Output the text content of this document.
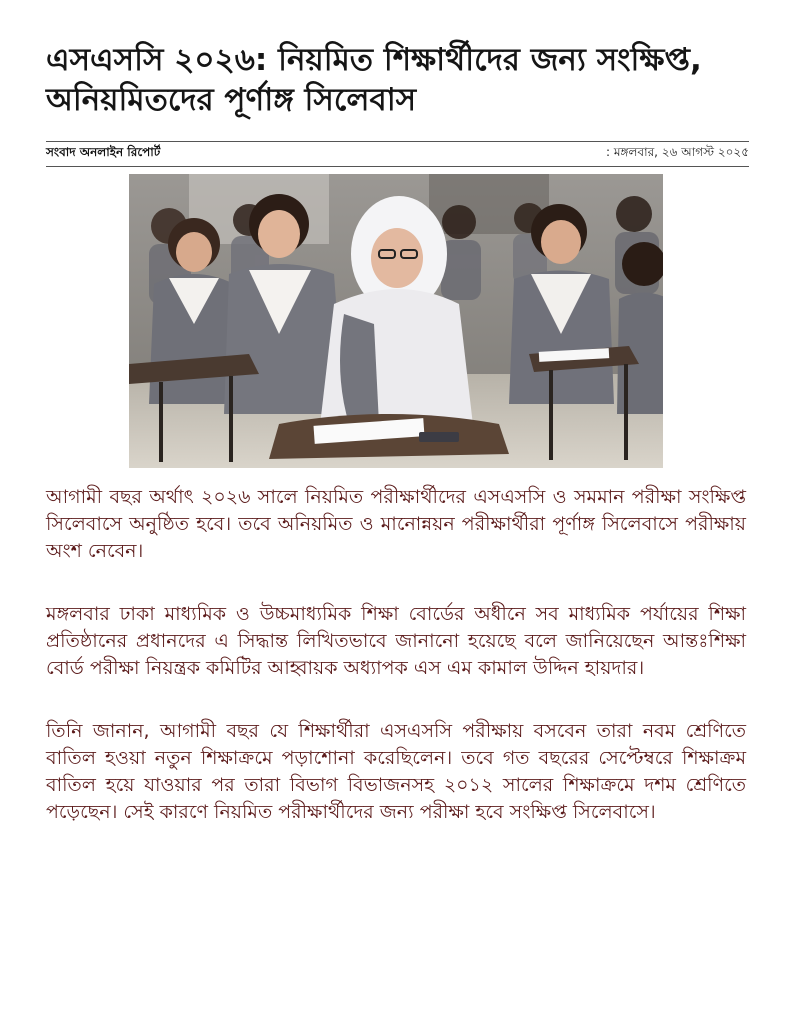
এসএসসি ২০২৬: নিয়মিত শিক্ষার্থীদের জন্য সংক্ষিপ্ত, অনিয়মিতদের পূর্ণাঙ্গ সিলেবাস
সংবাদ অনলাইন রিপোর্ট	: মঙ্গলবার, ২৬ আগস্ট ২০২৫

আগামী বছর অর্থাৎ ২০২৬ সালে নিয়মিত পরীক্ষার্থীদের এসএসসি ও সমমান পরীক্ষা সংক্ষিপ্ত সিলেবাসে অনুষ্ঠিত হবে। তবে অনিয়মিত ও মানোন্নয়ন পরীক্ষার্থীরা পূর্ণাঙ্গ সিলেবাসে পরীক্ষায় অংশ নেবেন।

মঙ্গলবার ঢাকা মাধ্যমিক ও উচ্চমাধ্যমিক শিক্ষা বোর্ডের অধীনে সব মাধ্যমিক পর্যায়ের শিক্ষা প্রতিষ্ঠানের প্রধানদের এ সিদ্ধান্ত লিখিতভাবে জানানো হয়েছে বলে জানিয়েছেন আন্তঃশিক্ষা বোর্ড পরীক্ষা নিয়ন্ত্রক কমিটির আহ্বায়ক অধ্যাপক এস এম কামাল উদ্দিন হায়দার।

তিনি জানান, আগামী বছর যে শিক্ষার্থীরা এসএসসি পরীক্ষায় বসবেন তারা নবম শ্রেণিতে বাতিল হওয়া নতুন শিক্ষাক্রমে পড়াশোনা করেছিলেন। তবে গত বছরের সেপ্টেম্বরে শিক্ষাক্রম বাতিল হয়ে যাওয়ার পর তারা বিভাগ বিভাজনসহ ২০১২ সালের শিক্ষাক্রমে দশম শ্রেণিতে পড়েছেন। সেই কারণে নিয়মিত পরীক্ষার্থীদের জন্য পরীক্ষা হবে সংক্ষিপ্ত সিলেবাসে।
